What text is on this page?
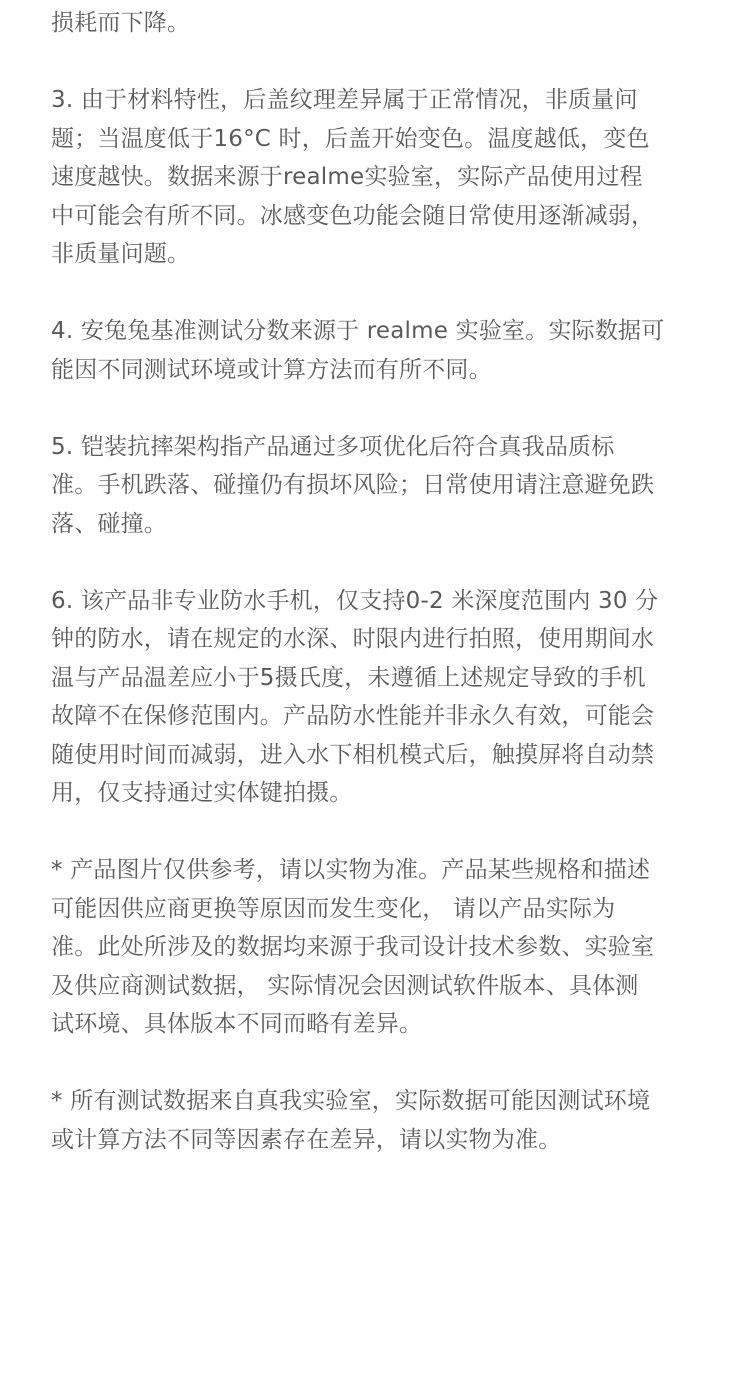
损耗而下降。

3. 由于材料特性，后盖纹理差异属于正常情况，非质量问
题；当温度低于16°C 时，后盖开始变色。温度越低，变色
速度越快。数据来源于realme实验室，实际产品使用过程
中可能会有所不同。冰感变色功能会随日常使用逐渐减弱，
非质量问题。

4. 安兔兔基准测试分数来源于 realme 实验室。实际数据可
能因不同测试环境或计算方法而有所不同。

5. 铠装抗摔架构指产品通过多项优化后符合真我品质标
准。手机跌落、碰撞仍有损坏风险；日常使用请注意避免跌
落、碰撞。

6. 该产品非专业防水手机，仅支持0-2 米深度范围内 30 分
钟的防水，请在规定的水深、时限内进行拍照，使用期间水
温与产品温差应小于5摄氏度，未遵循上述规定导致的手机
故障不在保修范围内。产品防水性能并非永久有效，可能会
随使用时间而减弱，进入水下相机模式后，触摸屏将自动禁
用，仅支持通过实体键拍摄。

* 产品图片仅供参考，请以实物为准。产品某些规格和描述
可能因供应商更换等原因而发生变化， 请以产品实际为
准。此处所涉及的数据均来源于我司设计技术参数、实验室
及供应商测试数据， 实际情况会因测试软件版本、具体测
试环境、具体版本不同而略有差异。

* 所有测试数据来自真我实验室，实际数据可能因测试环境
或计算方法不同等因素存在差异，请以实物为准。
